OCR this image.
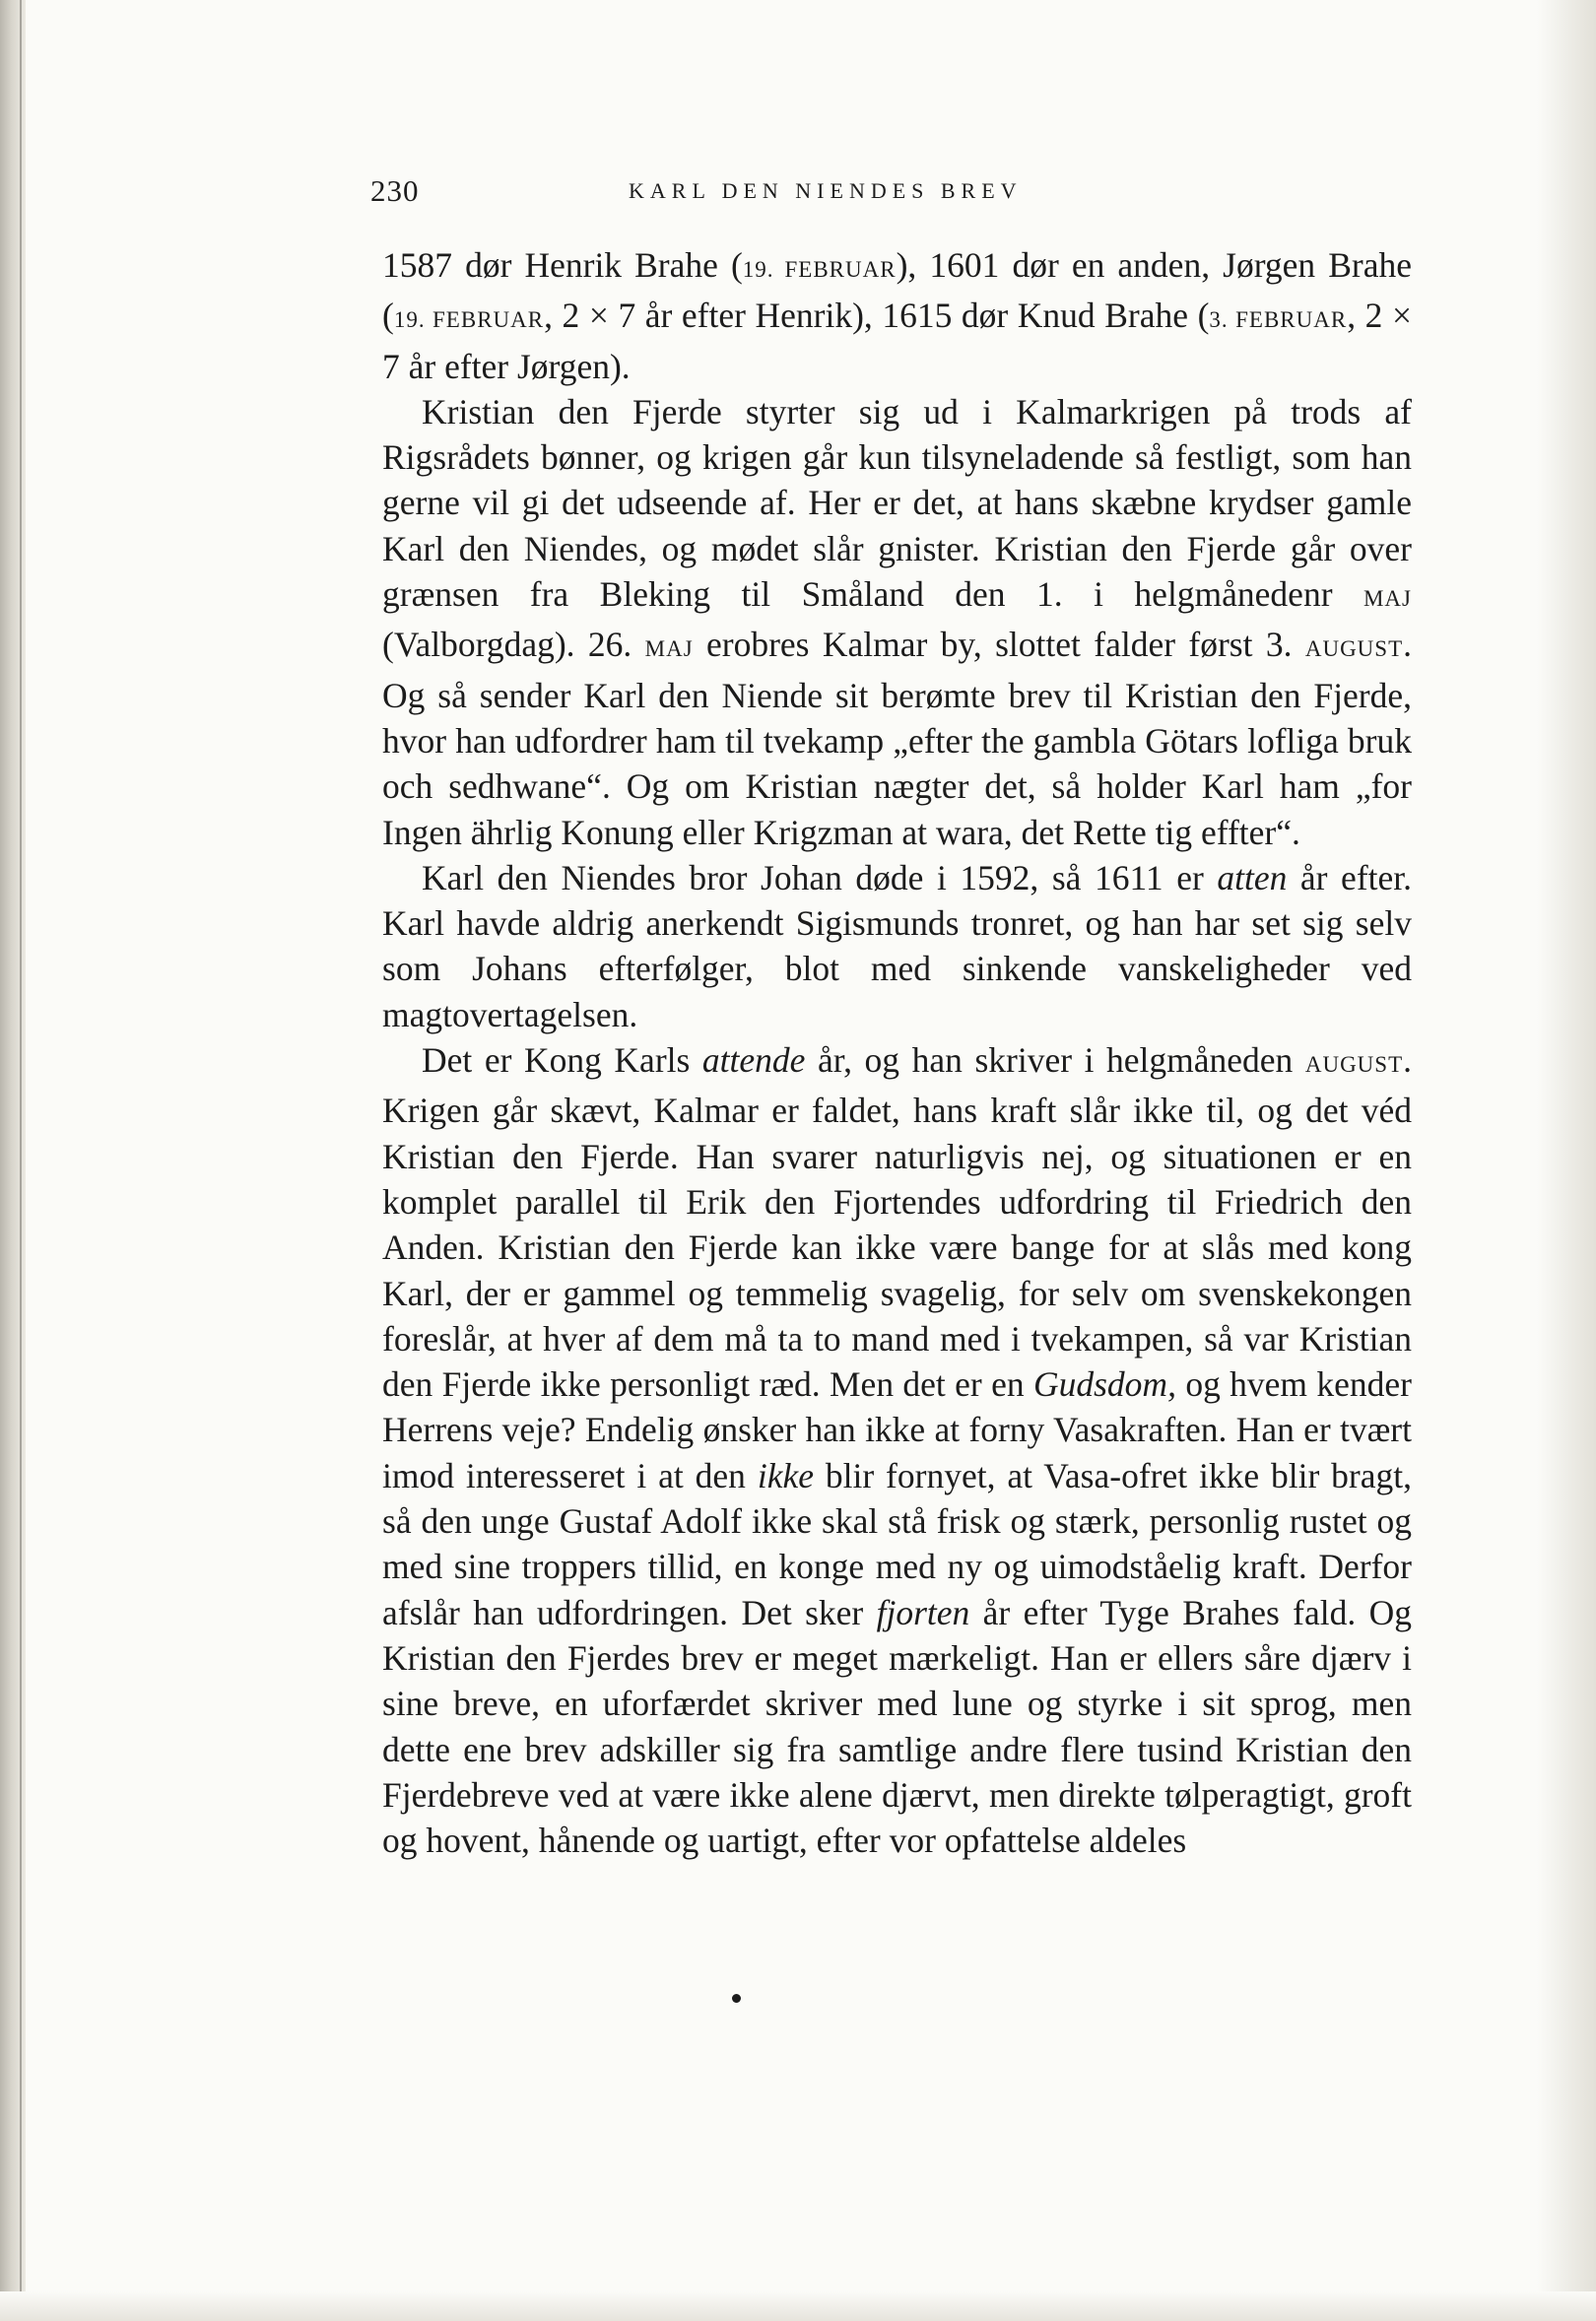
230	KARL DEN NIENDES BREV

1587 dør Henrik Brahe (19. FEBRUAR), 1601 dør en anden, Jørgen Brahe (19. FEBRUAR, 2 × 7 år efter Henrik), 1615 dør Knud Brahe (3. FEBRUAR, 2 × 7 år efter Jørgen).

Kristian den Fjerde styrter sig ud i Kalmarkrigen på trods af Rigsrådets bønner, og krigen går kun tilsyneladende så festligt, som han gerne vil gi det udseende af. Her er det, at hans skæbne krydser gamle Karl den Niendes, og mødet slår gnister. Kristian den Fjerde går over grænsen fra Bleking til Småland den 1. i helgmånedenr MAJ (Valborgdag). 26. MAJ erobres Kalmar by, slottet falder først 3. AUGUST. Og så sender Karl den Niende sit berømte brev til Kristian den Fjerde, hvor han udfordrer ham til tvekamp „efter the gambla Götars lofliga bruk och sedhwane“. Og om Kristian nægter det, så holder Karl ham „for Ingen ährlig Konung eller Krigzman at wara, det Rette tig effter“.

Karl den Niendes bror Johan døde i 1592, så 1611 er atten år efter. Karl havde aldrig anerkendt Sigismunds tronret, og han har set sig selv som Johans efterfølger, blot med sinkende vanskeligheder ved magtovertagelsen.

Det er Kong Karls attende år, og han skriver i helgmåneden AUGUST. Krigen går skævt, Kalmar er faldet, hans kraft slår ikke til, og det véd Kristian den Fjerde. Han svarer naturligvis nej, og situationen er en komplet parallel til Erik den Fjortendes udfordring til Friedrich den Anden. Kristian den Fjerde kan ikke være bange for at slås med kong Karl, der er gammel og temmelig svagelig, for selv om svenskekongen foreslår, at hver af dem må ta to mand med i tvekampen, så var Kristian den Fjerde ikke personligt ræd. Men det er en Gudsdom, og hvem kender Herrens veje? Endelig ønsker han ikke at forny Vasakraften. Han er tvært imod interesseret i at den ikke blir fornyet, at Vasa-ofret ikke blir bragt, så den unge Gustaf Adolf ikke skal stå frisk og stærk, personlig rustet og med sine troppers tillid, en konge med ny og uimodståelig kraft. Derfor afslår han udfordringen. Det sker fjorten år efter Tyge Brahes fald. Og Kristian den Fjerdes brev er meget mærkeligt. Han er ellers såre djærv i sine breve, en uforfærdet skriver med lune og styrke i sit sprog, men dette ene brev adskiller sig fra samtlige andre flere tusind Kristian den Fjerdebreve ved at være ikke alene djærvt, men direkte tølperagtigt, groft og hovent, hånende og uartigt, efter vor opfattelse aldeles
